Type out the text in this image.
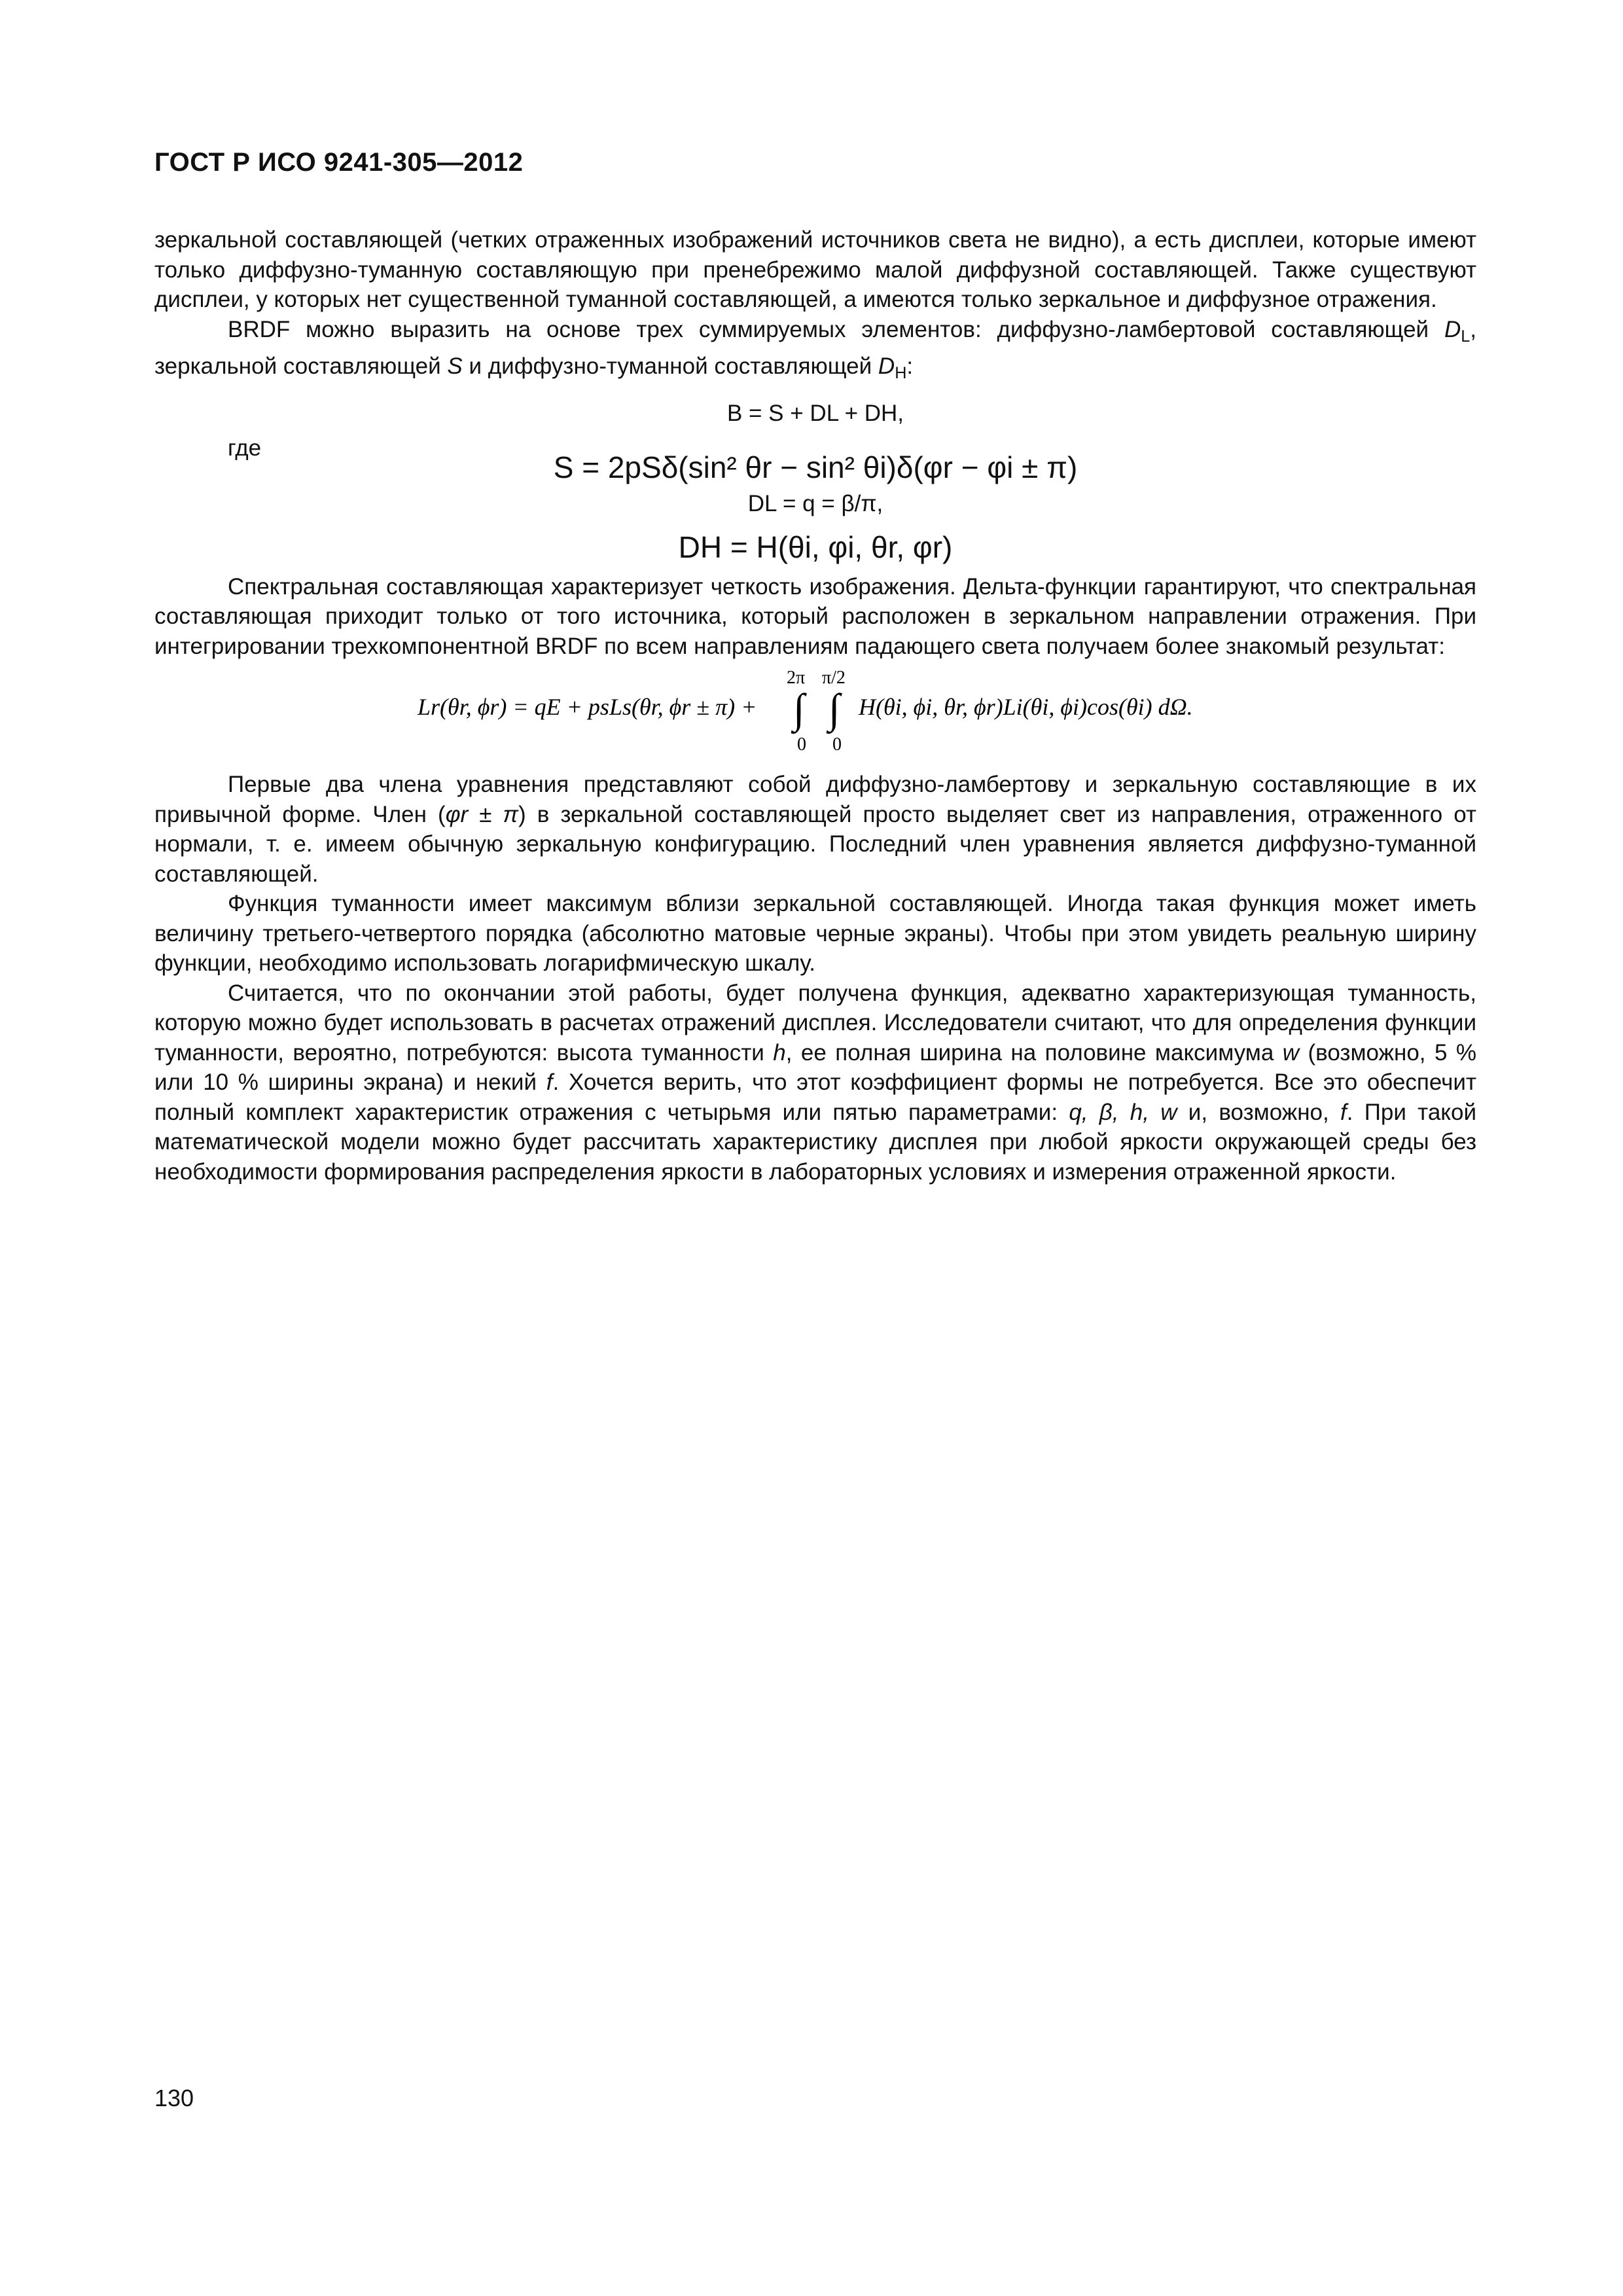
ГОСТ Р ИСО 9241-305—2012

зеркальной составляющей (четких отраженных изображений источников света не видно), а есть дисплеи, которые имеют только диффузно-туманную составляющую при пренебрежимо малой диффузной составляющей. Также существуют дисплеи, у которых нет существенной туманной составляющей, а имеются только зеркальное и диффузное отражения.

BRDF можно выразить на основе трех суммируемых элементов: диффузно-ламбертовой составляющей $D_L$, зеркальной составляющей S и диффузно-туманной составляющей $D_H$:

B = S + DL + DH,
где
S = 2pSδ(sin² θr − sin² θi)δ(φr − φi ± π)
DL = q = β/π,
DH = H(θi, φi, θr, φr)

Спектральная составляющая характеризует четкость изображения. Дельта-функции гарантируют, что спектральная составляющая приходит только от того источника, который расположен в зеркальном направлении отражения. При интегрировании трехкомпонентной BRDF по всем направлениям падающего света получаем более знакомый результат:

Lr(θr, ϕr) = qE + psLs(θr, ϕr ± π) +
2π π/2
∫ ∫
0 0
H(θi, ϕi, θr, ϕr)Li(θi, ϕi)cos(θi) dΩ.

Первые два члена уравнения представляют собой диффузно-ламбертову и зеркальную составляющие в их привычной форме. Член (φr ± π) в зеркальной составляющей просто выделяет свет из направления, отраженного от нормали, т. е. имеем обычную зеркальную конфигурацию. Последний член уравнения является диффузно-туманной составляющей.

Функция туманности имеет максимум вблизи зеркальной составляющей. Иногда такая функция может иметь величину третьего-четвертого порядка (абсолютно матовые черные экраны). Чтобы при этом увидеть реальную ширину функции, необходимо использовать логарифмическую шкалу.

Считается, что по окончании этой работы, будет получена функция, адекватно характеризующая туманность, которую можно будет использовать в расчетах отражений дисплея. Исследователи считают, что для определения функции туманности, вероятно, потребуются: высота туманности h, ее полная ширина на половине максимума w (возможно, 5 % или 10 % ширины экрана) и некий f. Хочется верить, что этот коэффициент формы не потребуется. Все это обеспечит полный комплект характеристик отражения с четырьмя или пятью параметрами: q, β, h, w и, возможно, f. При такой математической модели можно будет рассчитать характеристику дисплея при любой яркости окружающей среды без необходимости формирования распределения яркости в лабораторных условиях и измерения отраженной яркости.

130
